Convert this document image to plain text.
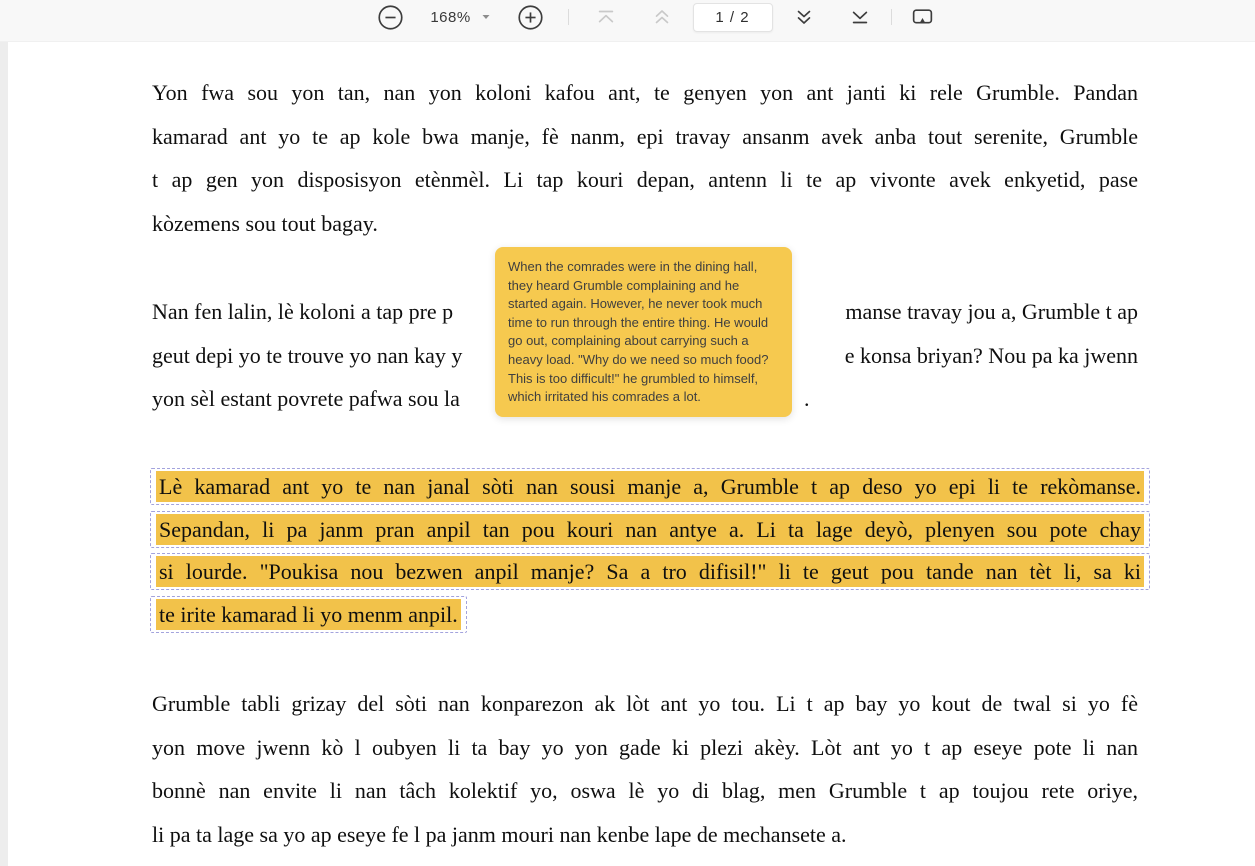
168%	1 / 2
Yon fwa sou yon tan, nan yon koloni kafou ant, te genyen yon ant janti ki rele Grumble. Pandan
kamarad ant yo te ap kole bwa manje, fè nanm, epi travay ansanm avek anba tout serenite, Grumble
t ap gen yon disposisyon etènmèl. Li tap kouri depan, antenn li te ap vivonte avek enkyetid, pase
kòzemens sou tout bagay.
Nan fen lalin, lè koloni a tap pre p	manse travay jou a, Grumble t ap
geut depi yo te trouve yo nan kay y	e konsa briyan? Nou pa ka jwenn
yon sèl estant povrete pafwa sou la	.
Lè kamarad ant yo te nan janal sòti nan sousi manje a, Grumble t ap deso yo epi li te rekòmanse.
Sepandan, li pa janm pran anpil tan pou kouri nan antye a. Li ta lage deyò, plenyen sou pote chay
si lourde. "Poukisa nou bezwen anpil manje? Sa a tro difisil!" li te geut pou tande nan tèt li, sa ki
te irite kamarad li yo menm anpil.
Grumble tabli grizay del sòti nan konparezon ak lòt ant yo tou. Li t ap bay yo kout de twal si yo fè
yon move jwenn kò l oubyen li ta bay yo yon gade ki plezi akèy. Lòt ant yo t ap eseye pote li nan
bonnè nan envite li nan tâch kolektif yo, oswa lè yo di blag, men Grumble t ap toujou rete oriye,
li pa ta lage sa yo ap eseye fe l pa janm mouri nan kenbe lape de mechansete a.
When the comrades were in the dining hall, they heard Grumble complaining and he started again. However, he never took much time to run through the entire thing. He would go out, complaining about carrying such a heavy load. "Why do we need so much food? This is too difficult!" he grumbled to himself, which irritated his comrades a lot.
